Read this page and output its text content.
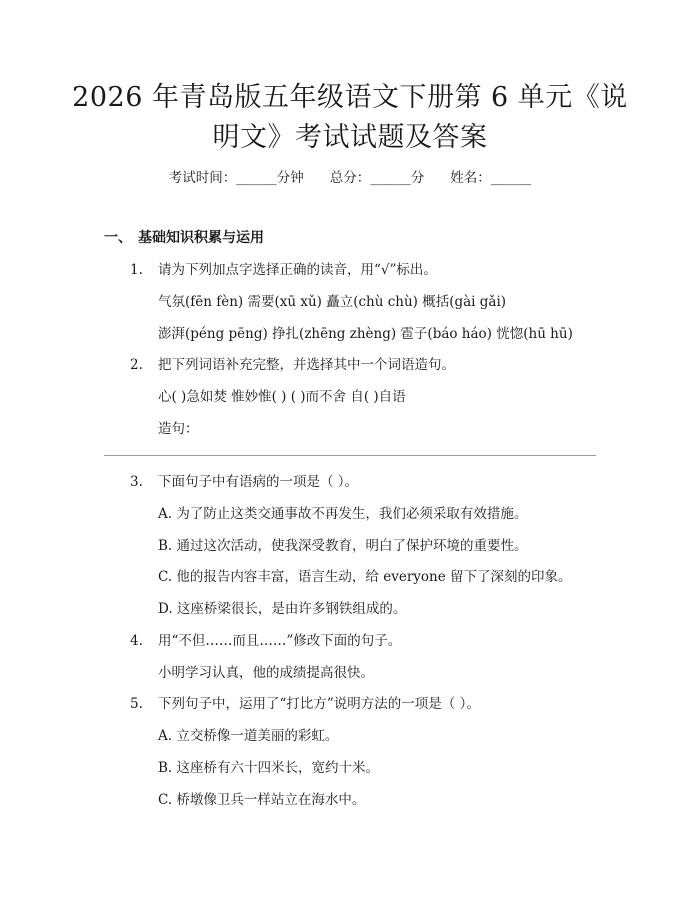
2026 年青岛版五年级语文下册第 6 单元《说
明文》考试试题及答案
考试时间：______分钟 总分：______分 姓名：______
一、 基础知识积累与运用
1. 请为下列加点字选择正确的读音，用“√”标出。
气氛(fēn fèn) 需要(xū xǔ) 矗立(chù chù) 概括(gài gǎi)
澎湃(péng pēng) 挣扎(zhēng zhèng) 雹子(báo háo) 恍惚(hū hū)
2. 把下列词语补充完整，并选择其中一个词语造句。
心( )急如焚 惟妙惟( ) ( )而不舍 自( )自语
造句：
3. 下面句子中有语病的一项是（ ）。
A. 为了防止这类交通事故不再发生，我们必须采取有效措施。
B. 通过这次活动，使我深受教育，明白了保护环境的重要性。
C. 他的报告内容丰富，语言生动，给 everyone 留下了深刻的印象。
D. 这座桥梁很长，是由许多钢铁组成的。
4. 用“不但……而且……”修改下面的句子。
小明学习认真，他的成绩提高很快。
5. 下列句子中，运用了“打比方”说明方法的一项是（ ）。
A. 立交桥像一道美丽的彩虹。
B. 这座桥有六十四米长，宽约十米。
C. 桥墩像卫兵一样站立在海水中。
